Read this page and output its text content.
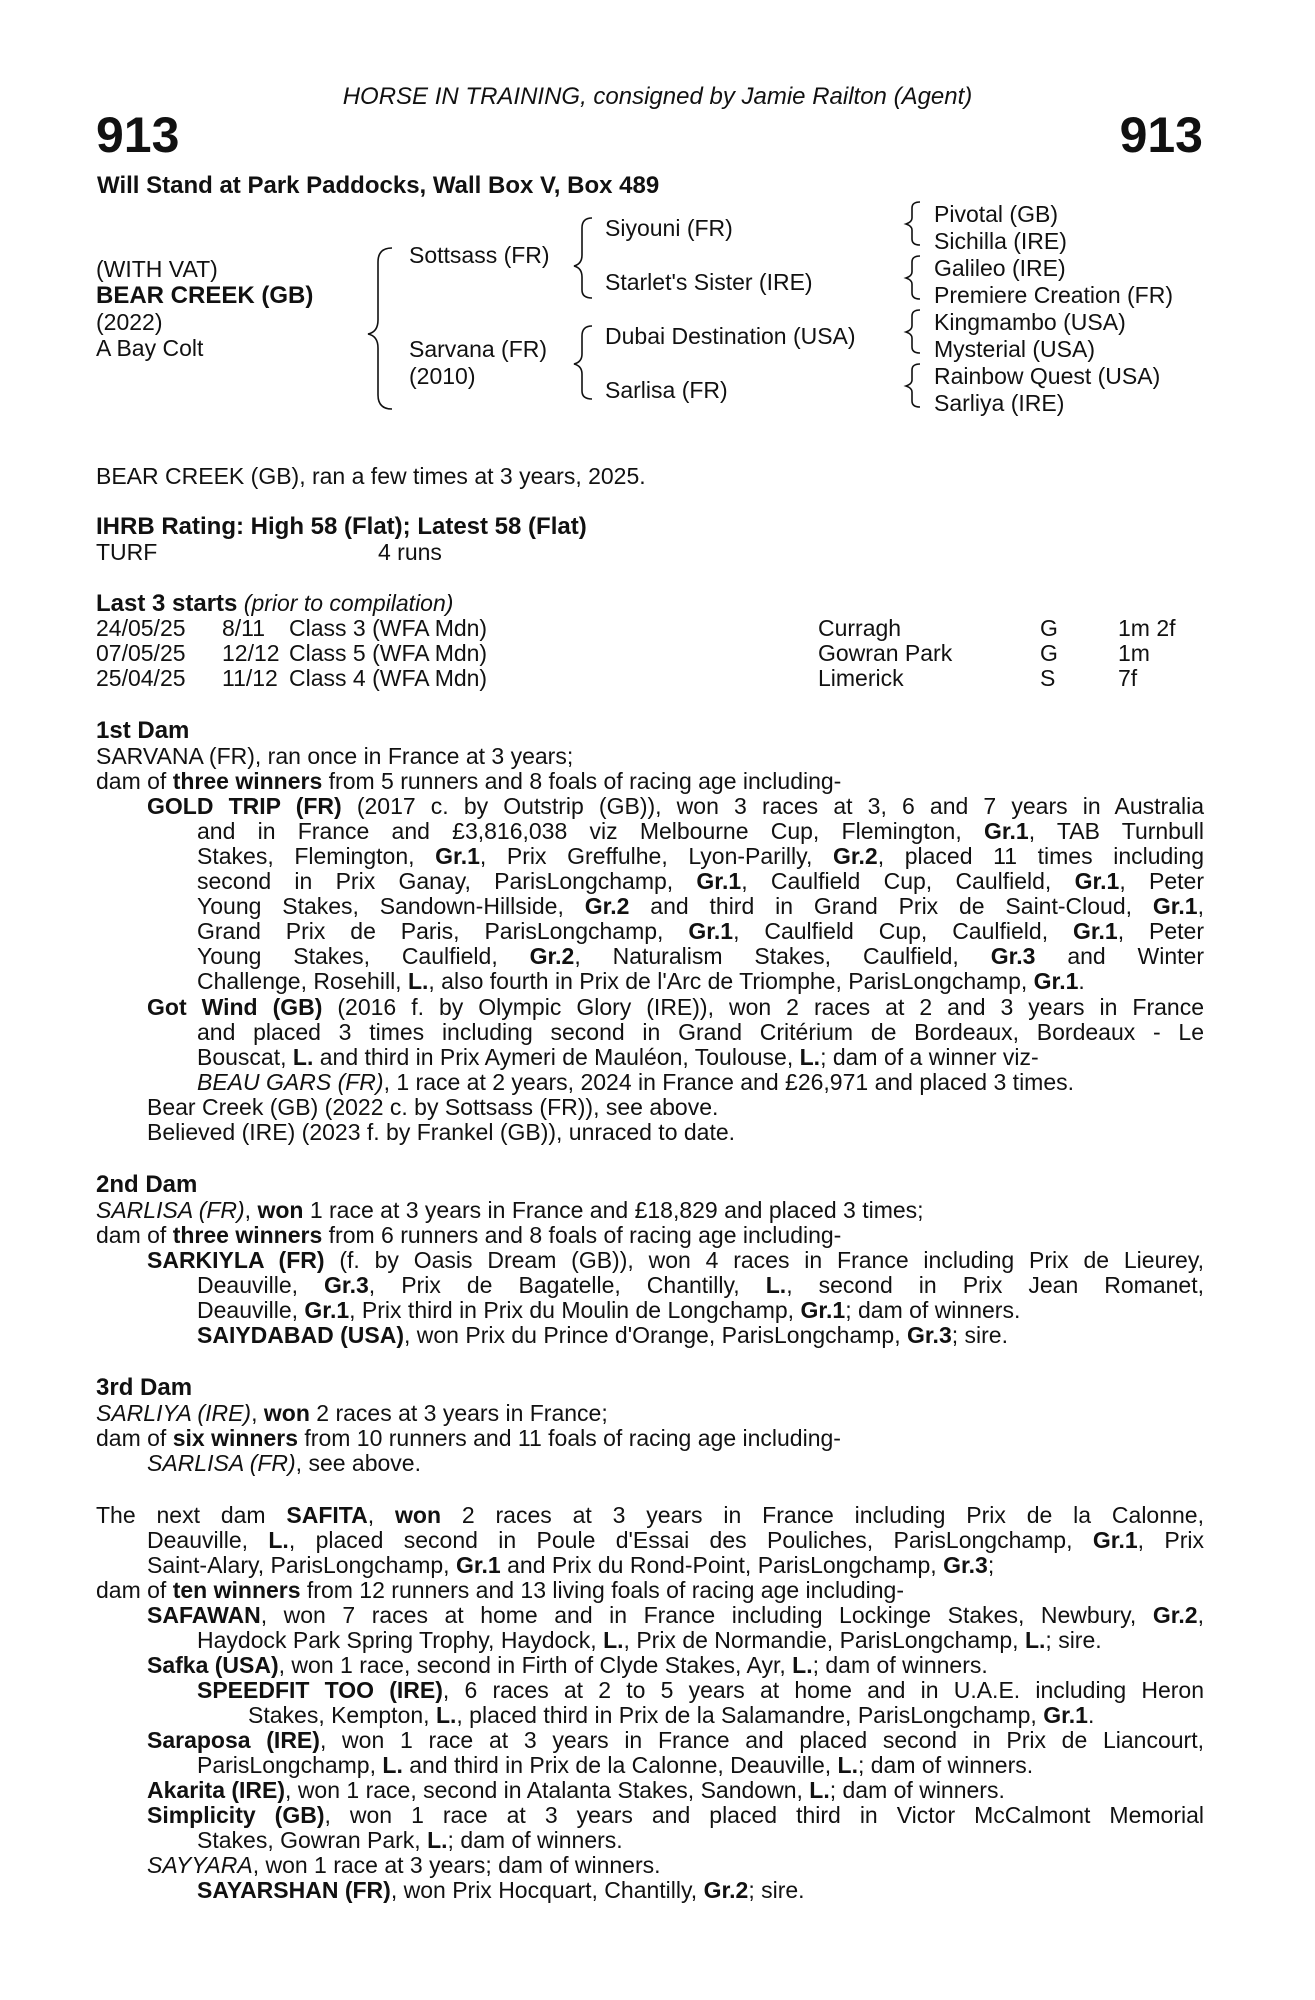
HORSE IN TRAINING, consigned by Jamie Railton (Agent)
913	913
Will Stand at Park Paddocks, Wall Box V, Box 489
(WITH VAT)
BEAR CREEK (GB)
(2022)
A Bay Colt
Sottsass (FR)
Sarvana (FR)
(2010)
Siyouni (FR)
Starlet's Sister (IRE)
Dubai Destination (USA)
Sarlisa (FR)
Pivotal (GB)
Sichilla (IRE)
Galileo (IRE)
Premiere Creation (FR)
Kingmambo (USA)
Mysterial (USA)
Rainbow Quest (USA)
Sarliya (IRE)
BEAR CREEK (GB), ran a few times at 3 years, 2025.
IHRB Rating: High 58 (Flat); Latest 58 (Flat)
TURF	4 runs
Last 3 starts (prior to compilation)
24/05/25 8/11 Class 3 (WFA Mdn)	Curragh	G	1m 2f
07/05/25 12/12 Class 5 (WFA Mdn)	Gowran Park	G	1m
25/04/25 11/12 Class 4 (WFA Mdn)	Limerick	S	7f
1st Dam
SARVANA (FR), ran once in France at 3 years;
dam of three winners from 5 runners and 8 foals of racing age including-
GOLD TRIP (FR) (2017 c. by Outstrip (GB)), won 3 races at 3, 6 and 7 years in Australia
and in France and £3,816,038 viz Melbourne Cup, Flemington, Gr.1, TAB Turnbull
Stakes, Flemington, Gr.1, Prix Greffulhe, Lyon-Parilly, Gr.2, placed 11 times including
second in Prix Ganay, ParisLongchamp, Gr.1, Caulfield Cup, Caulfield, Gr.1, Peter
Young Stakes, Sandown-Hillside, Gr.2 and third in Grand Prix de Saint-Cloud, Gr.1,
Grand Prix de Paris, ParisLongchamp, Gr.1, Caulfield Cup, Caulfield, Gr.1, Peter
Young Stakes, Caulfield, Gr.2, Naturalism Stakes, Caulfield, Gr.3 and Winter
Challenge, Rosehill, L., also fourth in Prix de l'Arc de Triomphe, ParisLongchamp, Gr.1.
Got Wind (GB) (2016 f. by Olympic Glory (IRE)), won 2 races at 2 and 3 years in France
and placed 3 times including second in Grand Critérium de Bordeaux, Bordeaux - Le
Bouscat, L. and third in Prix Aymeri de Mauléon, Toulouse, L.; dam of a winner viz-
BEAU GARS (FR), 1 race at 2 years, 2024 in France and £26,971 and placed 3 times.
Bear Creek (GB) (2022 c. by Sottsass (FR)), see above.
Believed (IRE) (2023 f. by Frankel (GB)), unraced to date.
2nd Dam
SARLISA (FR), won 1 race at 3 years in France and £18,829 and placed 3 times;
dam of three winners from 6 runners and 8 foals of racing age including-
SARKIYLA (FR) (f. by Oasis Dream (GB)), won 4 races in France including Prix de Lieurey,
Deauville, Gr.3, Prix de Bagatelle, Chantilly, L., second in Prix Jean Romanet,
Deauville, Gr.1, Prix third in Prix du Moulin de Longchamp, Gr.1; dam of winners.
SAIYDABAD (USA), won Prix du Prince d'Orange, ParisLongchamp, Gr.3; sire.
3rd Dam
SARLIYA (IRE), won 2 races at 3 years in France;
dam of six winners from 10 runners and 11 foals of racing age including-
SARLISA (FR), see above.
The next dam SAFITA, won 2 races at 3 years in France including Prix de la Calonne,
Deauville, L., placed second in Poule d'Essai des Pouliches, ParisLongchamp, Gr.1, Prix
Saint-Alary, ParisLongchamp, Gr.1 and Prix du Rond-Point, ParisLongchamp, Gr.3;
dam of ten winners from 12 runners and 13 living foals of racing age including-
SAFAWAN, won 7 races at home and in France including Lockinge Stakes, Newbury, Gr.2,
Haydock Park Spring Trophy, Haydock, L., Prix de Normandie, ParisLongchamp, L.; sire.
Safka (USA), won 1 race, second in Firth of Clyde Stakes, Ayr, L.; dam of winners.
SPEEDFIT TOO (IRE), 6 races at 2 to 5 years at home and in U.A.E. including Heron
Stakes, Kempton, L., placed third in Prix de la Salamandre, ParisLongchamp, Gr.1.
Saraposa (IRE), won 1 race at 3 years in France and placed second in Prix de Liancourt,
ParisLongchamp, L. and third in Prix de la Calonne, Deauville, L.; dam of winners.
Akarita (IRE), won 1 race, second in Atalanta Stakes, Sandown, L.; dam of winners.
Simplicity (GB), won 1 race at 3 years and placed third in Victor McCalmont Memorial
Stakes, Gowran Park, L.; dam of winners.
SAYYARA, won 1 race at 3 years; dam of winners.
SAYARSHAN (FR), won Prix Hocquart, Chantilly, Gr.2; sire.
